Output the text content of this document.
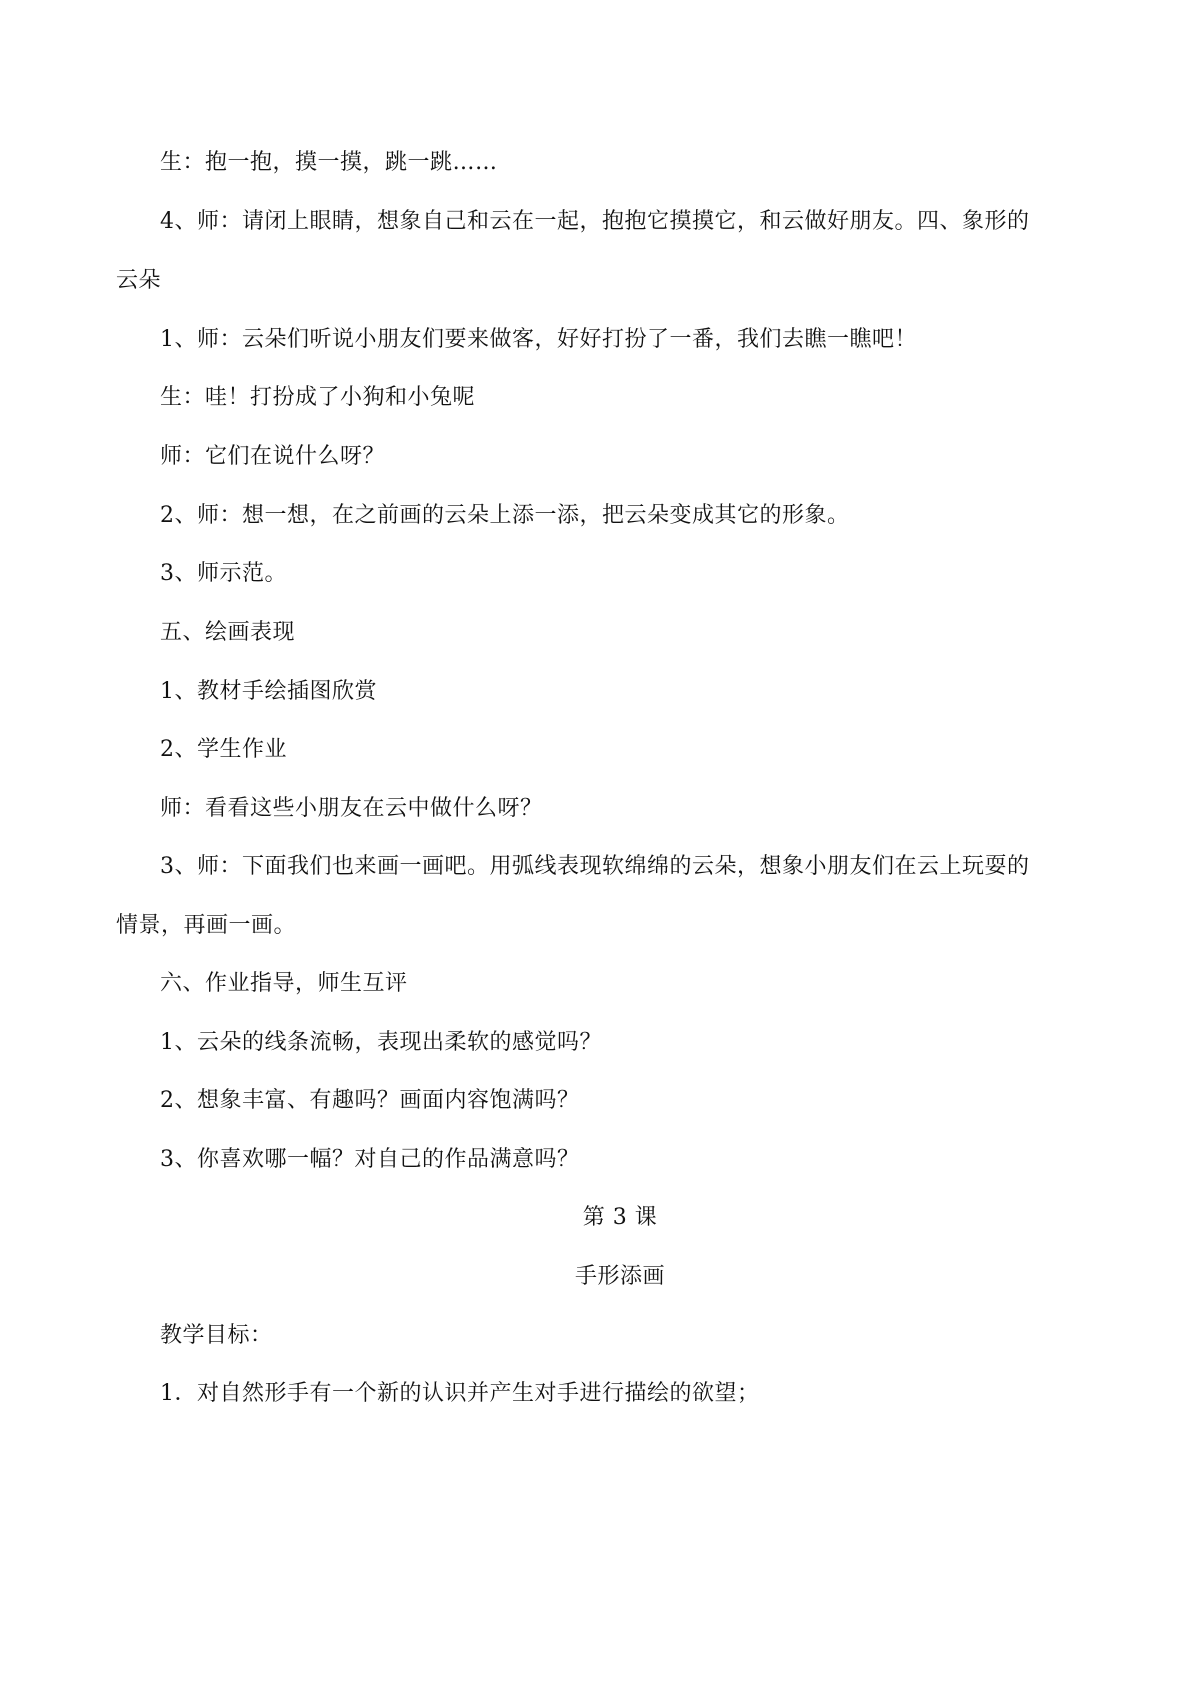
生：抱一抱，摸一摸，跳一跳……
4、师：请闭上眼睛，想象自己和云在一起，抱抱它摸摸它，和云做好朋友。四、象形的
云朵
1、师：云朵们听说小朋友们要来做客，好好打扮了一番，我们去瞧一瞧吧！
生：哇！打扮成了小狗和小兔呢
师：它们在说什么呀？
2、师：想一想，在之前画的云朵上添一添，把云朵变成其它的形象。
3、师示范。
五、绘画表现
1、教材手绘插图欣赏
2、学生作业
师：看看这些小朋友在云中做什么呀？
3、师：下面我们也来画一画吧。用弧线表现软绵绵的云朵，想象小朋友们在云上玩耍的
情景，再画一画。
六、作业指导，师生互评
1、云朵的线条流畅，表现出柔软的感觉吗？
2、想象丰富、有趣吗？画面内容饱满吗？
3、你喜欢哪一幅？对自己的作品满意吗？
第 3 课
手形添画
教学目标：
1．对自然形手有一个新的认识并产生对手进行描绘的欲望；
